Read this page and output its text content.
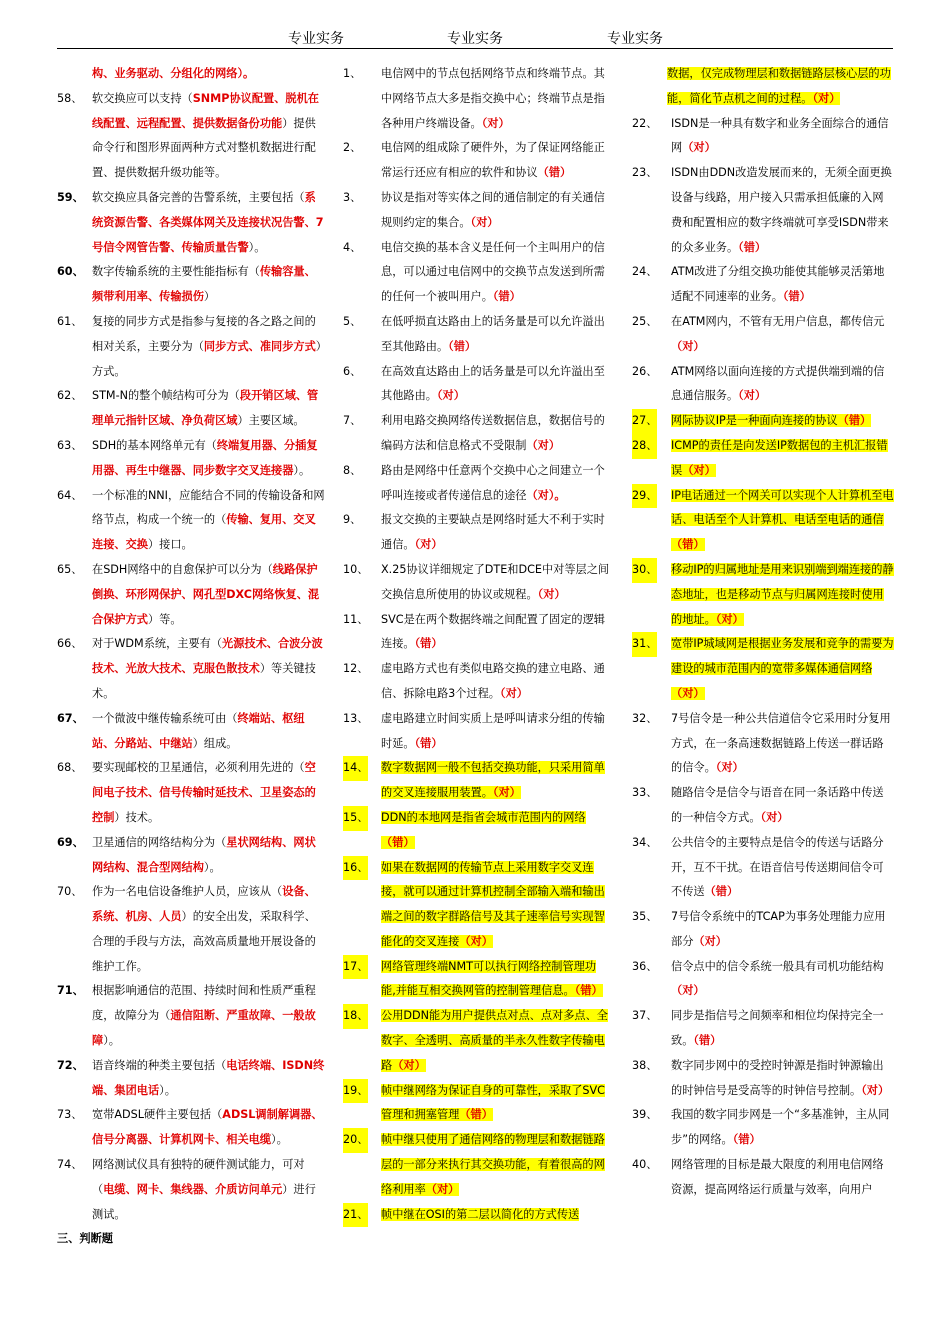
专业实务	专业实务	专业实务
构、业务驱动、分组化的网络）。
58、 软交换应可以支持（SNMP协议配置、脱机在线配置、远程配置、提供数据备份功能）提供命令行和图形界面两种方式对整机数据进行配置、提供数据升级功能等。
59、 软交换应具备完善的告警系统，主要包括（系统资源告警、各类媒体网关及连接状况告警、7号信令网管告警、传输质量告警）。
60、 数字传输系统的主要性能指标有（传输容量、频带利用率、传输损伤）
61、 复接的同步方式是指参与复接的各之路之间的相对关系，主要分为（同步方式、准同步方式）方式。
62、 STM-N的整个帧结构可分为（段开销区域、管理单元指针区域、净负荷区域）主要区域。
63、 SDH的基本网络单元有（终端复用器、分插复用器、再生中继器、同步数字交叉连接器）。
64、 一个标准的NNI，应能结合不同的传输设备和网络节点，构成一个统一的（传输、复用、交叉连接、交换）接口。
65、 在SDH网络中的自愈保护可以分为（线路保护倒换、环形网保护、网孔型DXC网络恢复、混合保护方式）等。
66、 对于WDM系统，主要有（光源技术、合波分波技术、光放大技术、克服色散技术）等关键技术。
67、 一个微波中继传输系统可由（终端站、枢纽站、分路站、中继站）组成。
68、 要实现邮校的卫星通信，必须利用先进的（空间电子技术、信号传输时延技术、卫星姿态的控制）技术。
69、 卫星通信的网络结构分为（星状网结构、网状网结构、混合型网结构）。
70、 作为一名电信设备维护人员，应该从（设备、系统、机房、人员）的安全出发，采取科学、合理的手段与方法，高效高质量地开展设备的维护工作。
71、 根据影响通信的范围、持续时间和性质严重程度，故障分为（通信阻断、严重故障、一般故障）。
72、 语音终端的种类主要包括（电话终端、ISDN终端、集团电话）。
73、 宽带ADSL硬件主要包括（ADSL调制解调器、信号分离器、计算机网卡、相关电缆）。
74、 网络测试仪具有独特的硬件测试能力，可对（电缆、网卡、集线器、介质访问单元）进行测试。
三、判断题
1、 电信网中的节点包括网络节点和终端节点。其中网络节点大多是指交换中心；终端节点是指各种用户终端设备。（对）
2、 电信网的组成除了硬件外，为了保证网络能正常运行还应有相应的软件和协议（错）
3、 协议是指对等实体之间的通信制定的有关通信规则约定的集合。（对）
4、 电信交换的基本含义是任何一个主叫用户的信息，可以通过电信网中的交换节点发送到所需的任何一个被叫用户。（错）
5、 在低呼损直达路由上的话务量是可以允许溢出至其他路由。（错）
6、 在高效直达路由上的话务量是可以允许溢出至其他路由。（对）
7、 利用电路交换网络传送数据信息，数据信号的编码方法和信息格式不受限制（对）
8、 路由是网络中任意两个交换中心之间建立一个呼叫连接或者传递信息的途径（对）。
9、 报文交换的主要缺点是网络时延大不利于实时通信。（对）
10、 X.25协议详细规定了DTE和DCE中对等层之间交换信息所使用的协议或规程。（对）
11、 SVC是在两个数据终端之间配置了固定的逻辑连接。（错）
12、 虚电路方式也有类似电路交换的建立电路、通信、拆除电路3个过程。（对）
13、 虚电路建立时间实质上是呼叫请求分组的传输时延。（错）
14、 数字数据网一般不包括交换功能，只采用简单的交叉连接服用装置。（对）
15、 DDN的本地网是指省会城市范围内的网络（错）
16、 如果在数据网的传输节点上采用数字交叉连接，就可以通过计算机控制全部输入端和输出端之间的数字群路信号及其子速率信号实现智能化的交叉连接（对）
17、 网络管理终端NMT可以执行网络控制管理功能,并能互相交换网管的控制管理信息。（错）
18、 公用DDN能为用户提供点对点、点对多点、全数字、全透明、高质量的半永久性数字传输电路（对）
19、 帧中继网络为保证自身的可靠性，采取了SVC管理和拥塞管理（错）
20、 帧中继只使用了通信网络的物理层和数据链路层的一部分来执行其交换功能，有着很高的网络利用率（对）
21、 帧中继在OSI的第二层以简化的方式传送
数据，仅完成物理层和数据链路层核心层的功能，简化节点机之间的过程。（对）
22、 ISDN是一种具有数字和业务全面综合的通信网（对）
23、 ISDN由DDN改造发展而来的，无须全面更换设备与线路，用户接入只需承担低廉的入网费和配置相应的数字终端就可享受ISDN带来的众多业务。（错）
24、 ATM改进了分组交换功能使其能够灵活第地适配不同速率的业务。（错）
25、 在ATM网内，不管有无用户信息，都传信元（对）
26、 ATM网络以面向连接的方式提供端到端的信息通信服务。（对）
27、 网际协议IP是一种面向连接的协议（错）
28、 ICMP的责任是向发送IP数据包的主机汇报错误（对）
29、 IP电话通过一个网关可以实现个人计算机至电话、电话至个人计算机、电话至电话的通信（错）
30、 移动IP的归属地址是用来识别端到端连接的静态地址，也是移动节点与归属网连接时使用的地址。（对）
31、 宽带IP城域网是根据业务发展和竞争的需要为建设的城市范围内的宽带多媒体通信网络（对）
32、 7号信令是一种公共信道信令它采用时分复用方式，在一条高速数据链路上传送一群话路的信令。（对）
33、 随路信令是信令与语音在同一条话路中传送的一种信令方式。（对）
34、 公共信令的主要特点是信令的传送与话路分开，互不干扰。在语音信号传送期间信令可不传送（错）
35、 7号信令系统中的TCAP为事务处理能力应用部分（对）
36、 信令点中的信令系统一般具有司机功能结构（对）
37、 同步是指信号之间频率和相位均保持完全一致。（错）
38、 数字同步网中的受控时钟源是指时钟源输出的时钟信号是受高等的时钟信号控制。（对）
39、 我国的数字同步网是一个“多基准钟，主从同步”的网络。（错）
40、 网络管理的目标是最大限度的利用电信网络资源，提高网络运行质量与效率，向用户
